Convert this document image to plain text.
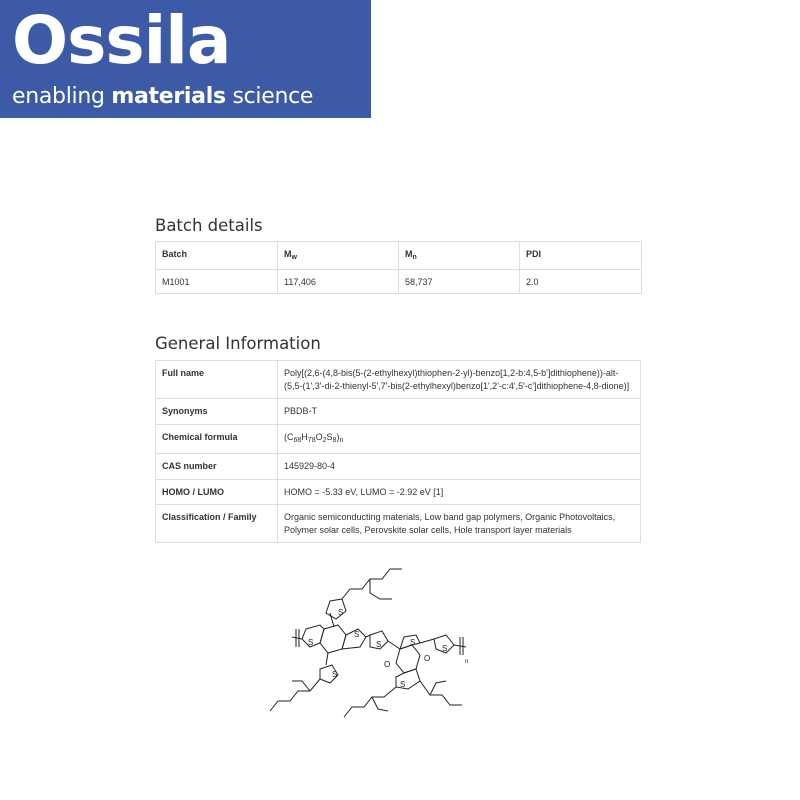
Ossila
enabling materials science
Batch details
Batch	$M_w$	$M_n$	PDI
M1001	117,406	58,737	2.0
General Information
Full name	Poly[(2,6-(4,8-bis(5-(2-ethylhexyl)thiophen-2-yl)-benzo[1,2-b:4,5-b']dithiophene))-alt-(5,5-(1',3'-di-2-thienyl-5',7'-bis(2-ethylhexyl)benzo[1',2'-c:4',5'-c']dithiophene-4,8-dione)]
Synonyms	PBDB-T
Chemical formula	$(C_{68}H_{78}O_2S_8)_n$
CAS number	145929-80-4
HOMO / LUMO	HOMO = -5.33 eV, LUMO = -2.92 eV [1]
Classification / Family	Organic semiconducting materials, Low band gap polymers, Organic Photovoltaics, Polymer solar cells, Perovskite solar cells, Hole transport layer materials
S
S
S
S
S
S
S
O
O
S
n
